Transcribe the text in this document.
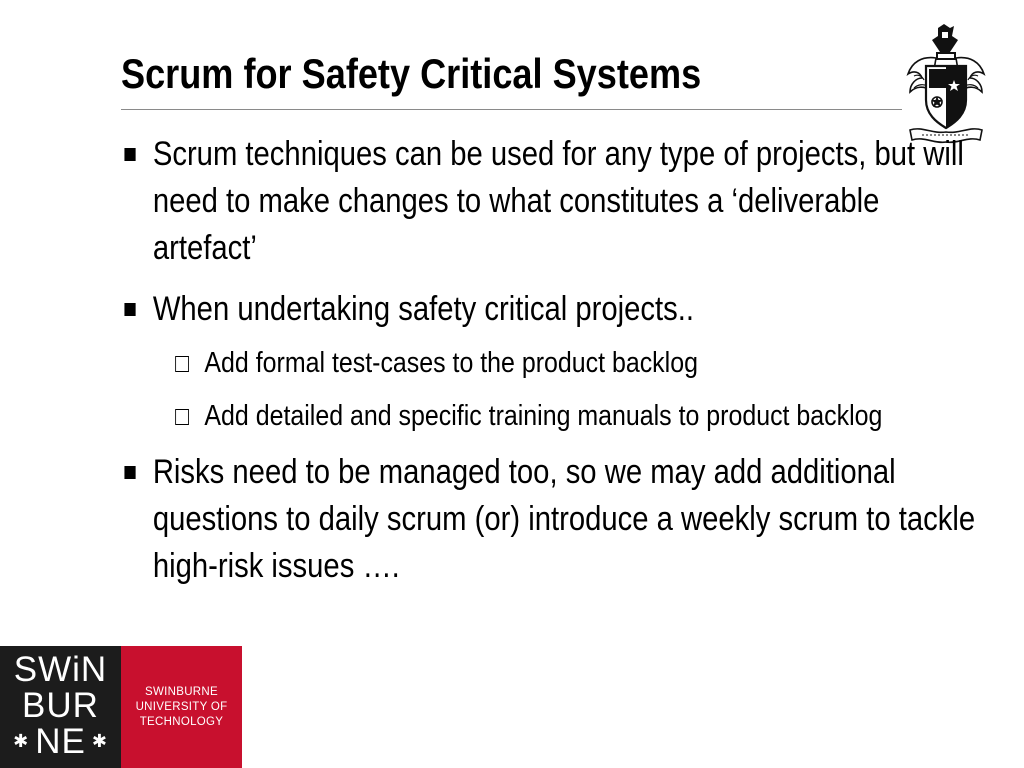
Scrum for Safety Critical Systems
Scrum techniques can be used for any type of projects, but will need to make changes to what constitutes a ‘deliverable artefact’
When undertaking safety critical projects..
Add formal test-cases to the product backlog
Add detailed and specific training manuals to product backlog
Risks need to be managed too, so we may add additional questions to daily scrum (or) introduce a weekly scrum to tackle high-risk issues ….
SWiN
BUR
✱ NE ✱
SWINBURNE
UNIVERSITY OF
TECHNOLOGY
